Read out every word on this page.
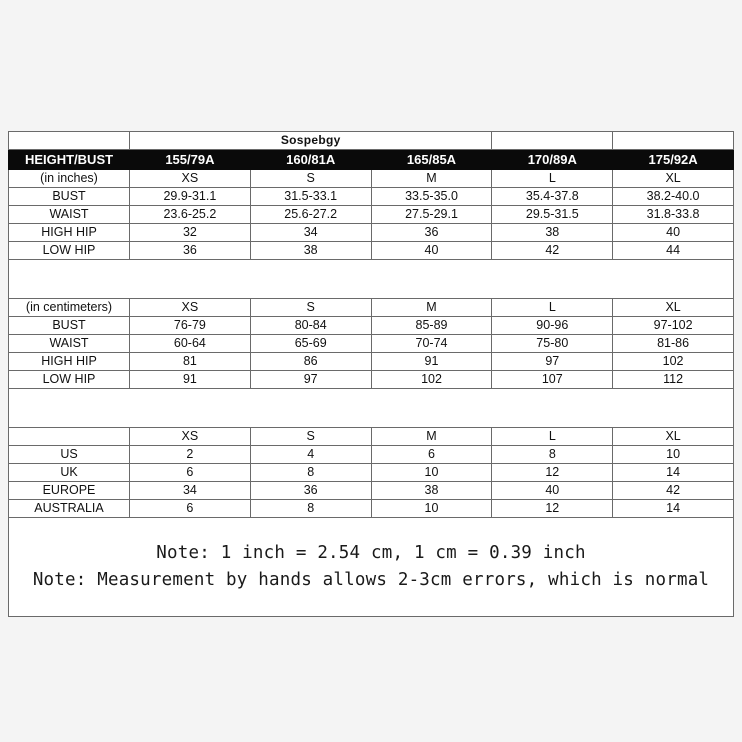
	Sospebgy				
HEIGHT/BUST	155/79A	160/81A	165/85A	170/89A	175/92A
(in inches)	XS	S	M	L	XL
BUST	29.9-31.1	31.5-33.1	33.5-35.0	35.4-37.8	38.2-40.0
WAIST	23.6-25.2	25.6-27.2	27.5-29.1	29.5-31.5	31.8-33.8
HIGH HIP	32	34	36	38	40
LOW HIP	36	38	40	42	44
(in centimeters)	XS	S	M	L	XL
BUST	76-79	80-84	85-89	90-96	97-102
WAIST	60-64	65-69	70-74	75-80	81-86
HIGH HIP	81	86	91	97	102
LOW HIP	91	97	102	107	112
	XS	S	M	L	XL
US	2	4	6	8	10
UK	6	8	10	12	14
EUROPE	34	36	38	40	42
AUSTRALIA	6	8	10	12	14
Note: 1 inch = 2.54 cm, 1 cm = 0.39 inch
Note: Measurement by hands allows 2-3cm errors, which is normal
